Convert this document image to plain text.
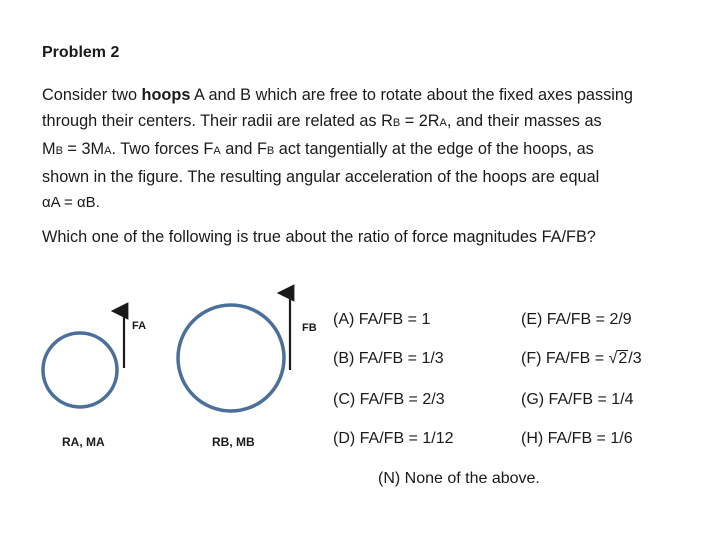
Problem 2
Consider two hoops A and B which are free to rotate about the fixed axes passing
through their centers. Their radii are related as RB = 2RA, and their masses as
MB = 3MA. Two forces FA and FB act tangentially at the edge of the hoops, as
shown in the figure. The resulting angular acceleration of the hoops are equal
αA = αB.
Which one of the following is true about the ratio of force magnitudes FA/FB?
FA	FB
RA, MA	RB, MB
(A) FA/FB = 1
(B) FA/FB = 1/3
(C) FA/FB = 2/3
(D) FA/FB = 1/12
(E) FA/FB = 2/9
(F) FA/FB = √2/3
(G) FA/FB = 1/4
(H) FA/FB = 1/6
(N) None of the above.
